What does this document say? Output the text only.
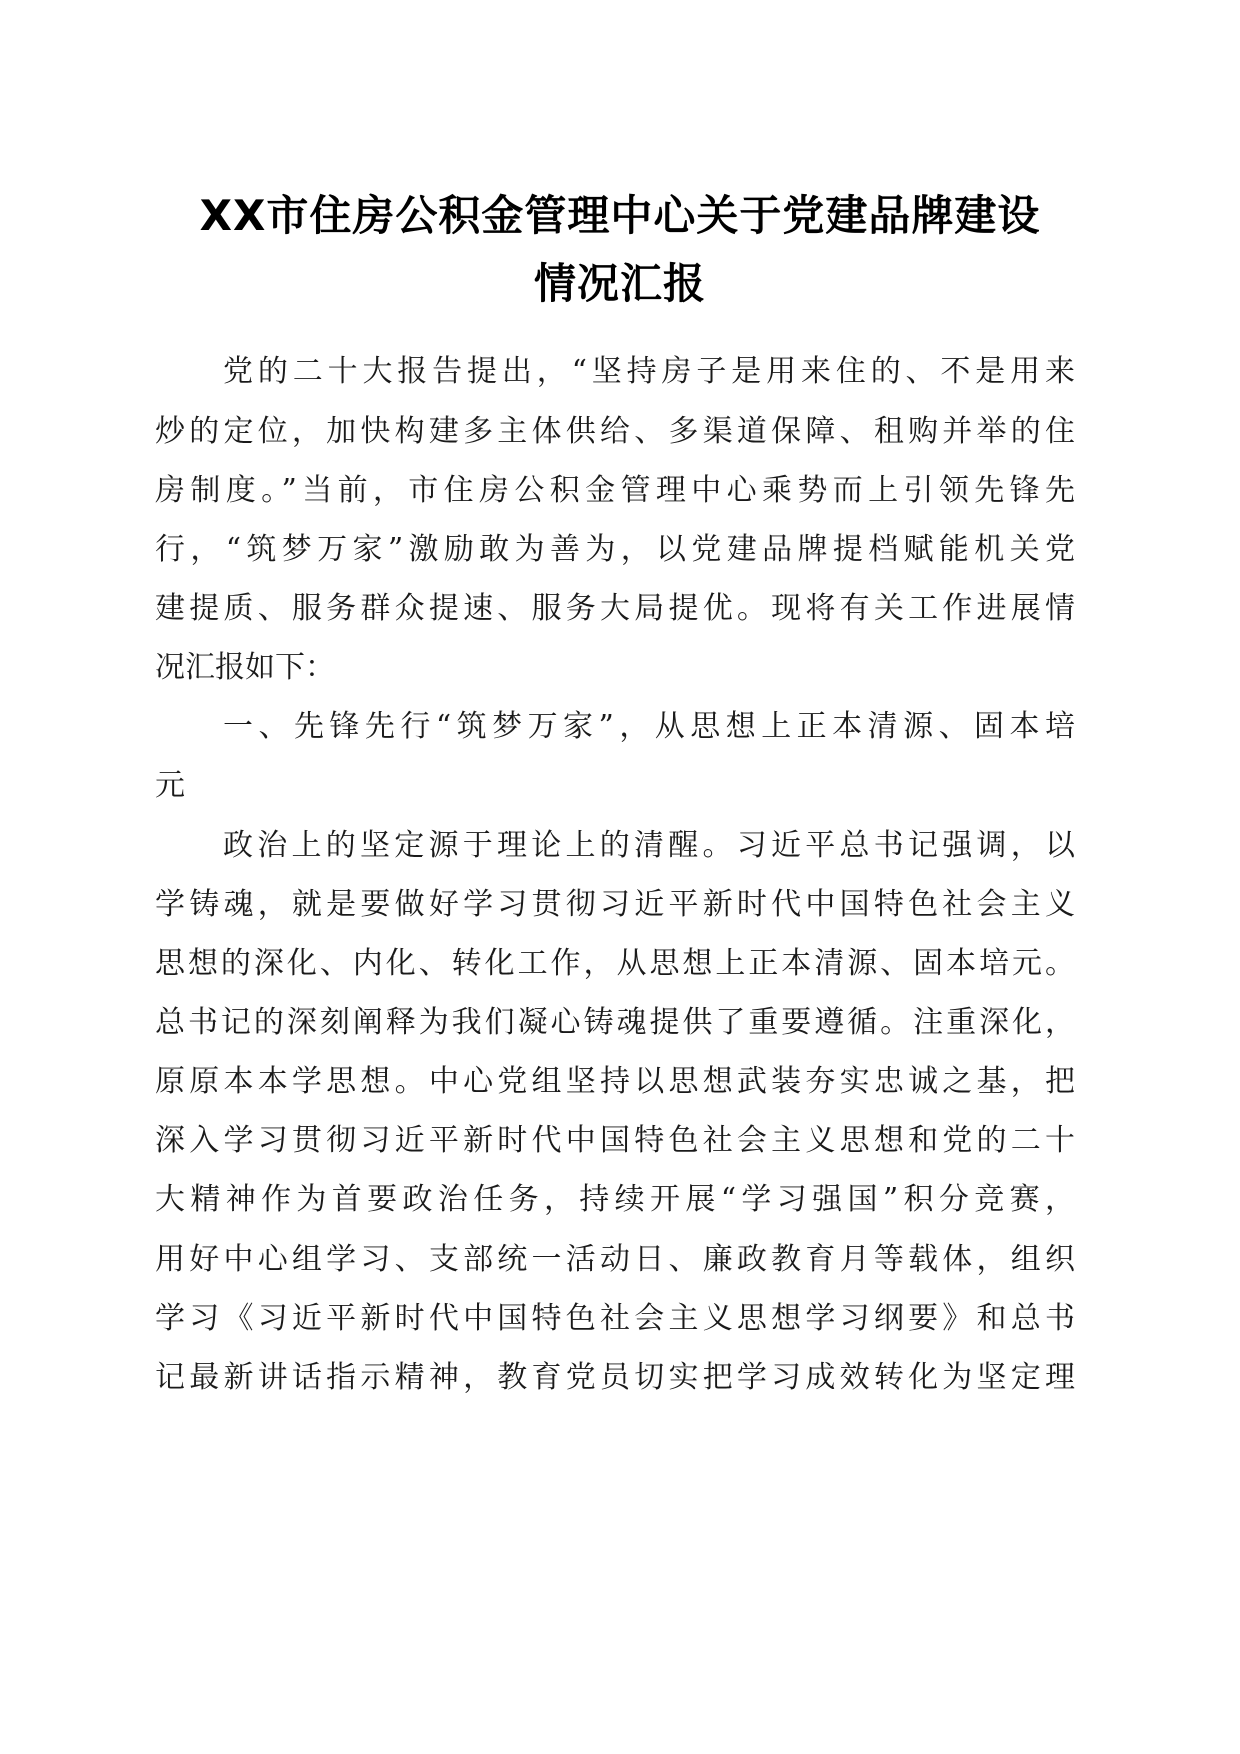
XX市住房公积金管理中心关于党建品牌建设
情况汇报
党的二十大报告提出，“坚持房子是用来住的、不是用来
炒的定位，加快构建多主体供给、多渠道保障、租购并举的住
房制度。”当前，市住房公积金管理中心乘势而上引领先锋先
行，“筑梦万家”激励敢为善为，以党建品牌提档赋能机关党
建提质、服务群众提速、服务大局提优。现将有关工作进展情
况汇报如下：
一、先锋先行“筑梦万家”，从思想上正本清源、固本培
元
政治上的坚定源于理论上的清醒。习近平总书记强调，以
学铸魂，就是要做好学习贯彻习近平新时代中国特色社会主义
思想的深化、内化、转化工作，从思想上正本清源、固本培元。
总书记的深刻阐释为我们凝心铸魂提供了重要遵循。注重深化，
原原本本学思想。中心党组坚持以思想武装夯实忠诚之基，把
深入学习贯彻习近平新时代中国特色社会主义思想和党的二十
大精神作为首要政治任务，持续开展“学习强国”积分竞赛，
用好中心组学习、支部统一活动日、廉政教育月等载体，组织
学习《习近平新时代中国特色社会主义思想学习纲要》和总书
记最新讲话指示精神，教育党员切实把学习成效转化为坚定理
